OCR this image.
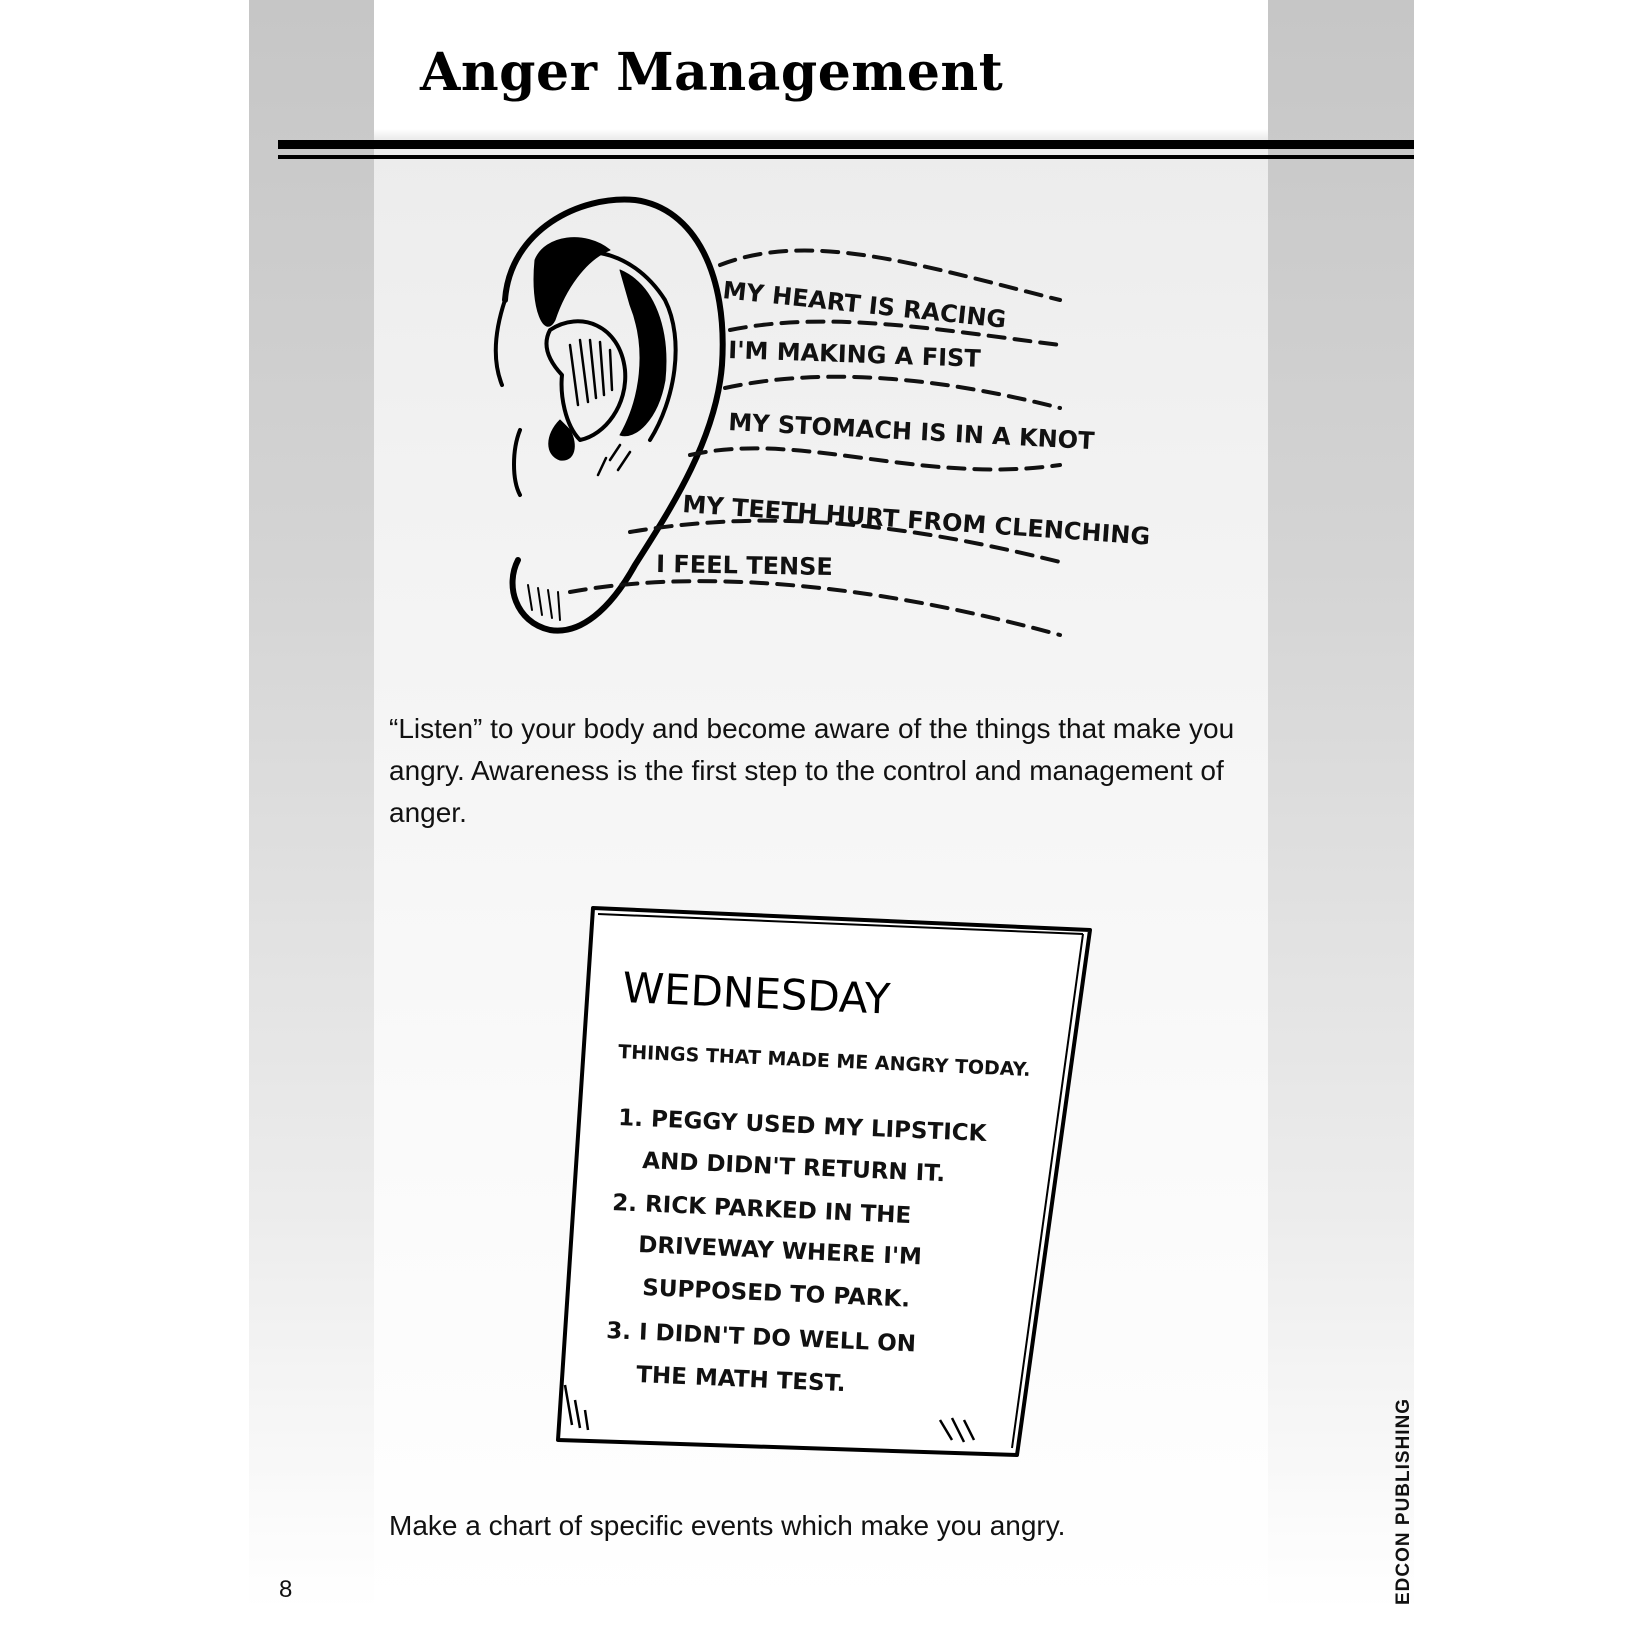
Anger Management
MY HEART IS RACING
I'M MAKING A FIST
MY STOMACH IS IN A KNOT
MY TEETH HURT FROM CLENCHING
I FEEL TENSE

“Listen” to your body and become aware of the things that make you angry. Awareness is the first step to the control and management of anger.

WEDNESDAY
THINGS THAT MADE ME ANGRY TODAY.
1. PEGGY USED MY LIPSTICK
AND DIDN'T RETURN IT.
2. RICK PARKED IN THE
DRIVEWAY WHERE I'M
SUPPOSED TO PARK.
3. I DIDN'T DO WELL ON
THE MATH TEST.

Make a chart of specific events which make you angry.

8	EDCON PUBLISHING
